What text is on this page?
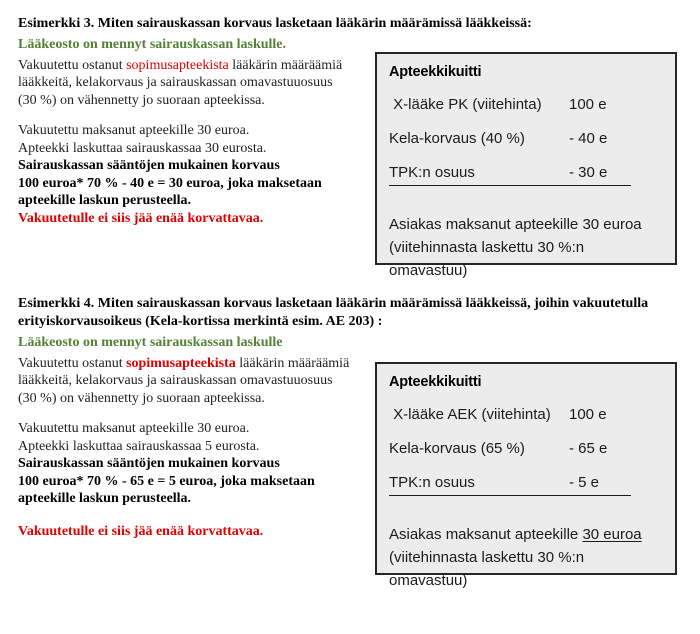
Esimerkki 3. Miten sairauskassan korvaus lasketaan lääkärin määrämissä lääkkeissä:

Lääkeosto on mennyt sairauskassan laskulle.

Vakuutettu ostanut sopimusapteekista lääkärin määräämiä lääkkeitä, kelakorvaus ja sairauskassan omavastuuosuus (30 %) on vähennetty jo suoraan apteekissa.

Vakuutettu maksanut apteekille 30 euroa.
Apteekki laskuttaa sairauskassaa 30 eurosta.
Sairauskassan sääntöjen mukainen korvaus
100 euroa* 70 % - 40 e = 30 euroa, joka maksetaan
apteekille laskun perusteella.

Vakuutetulle ei siis jää enää korvattavaa.

Esimerkki 4. Miten sairauskassan korvaus lasketaan lääkärin määrämissä lääkkeissä, joihin vakuutetulla erityiskorvausoikeus (Kela-kortissa merkintä esim. AE 203) :

Lääkeosto on mennyt sairauskassan laskulle

Vakuutettu ostanut sopimusapteekista lääkärin määräämiä lääkkeitä, kelakorvaus ja sairauskassan omavastuuosuus (30 %) on vähennetty jo suoraan apteekissa.

Vakuutettu maksanut apteekille 30 euroa.
Apteekki laskuttaa sairauskassaa 5 eurosta.
Sairauskassan sääntöjen mukainen korvaus
100 euroa* 70 % - 65 e = 5 euroa, joka maksetaan
apteekille laskun perusteella.

Vakuutetulle ei siis jää enää korvattavaa.

Apteekkikuitti
X-lääke PK (viitehinta)	100 e
Kela-korvaus (40 %)	- 40 e
TPK:n osuus	- 30 e
Asiakas maksanut apteekille 30 euroa
(viitehinnasta laskettu 30 %:n omavastuu)
Apteekkikuitti
X-lääke AEK (viitehinta)	100 e
Kela-korvaus (65 %)	- 65 e
TPK:n osuus	- 5 e
Asiakas maksanut apteekille 30 euroa
(viitehinnasta laskettu 30 %:n omavastuu)
